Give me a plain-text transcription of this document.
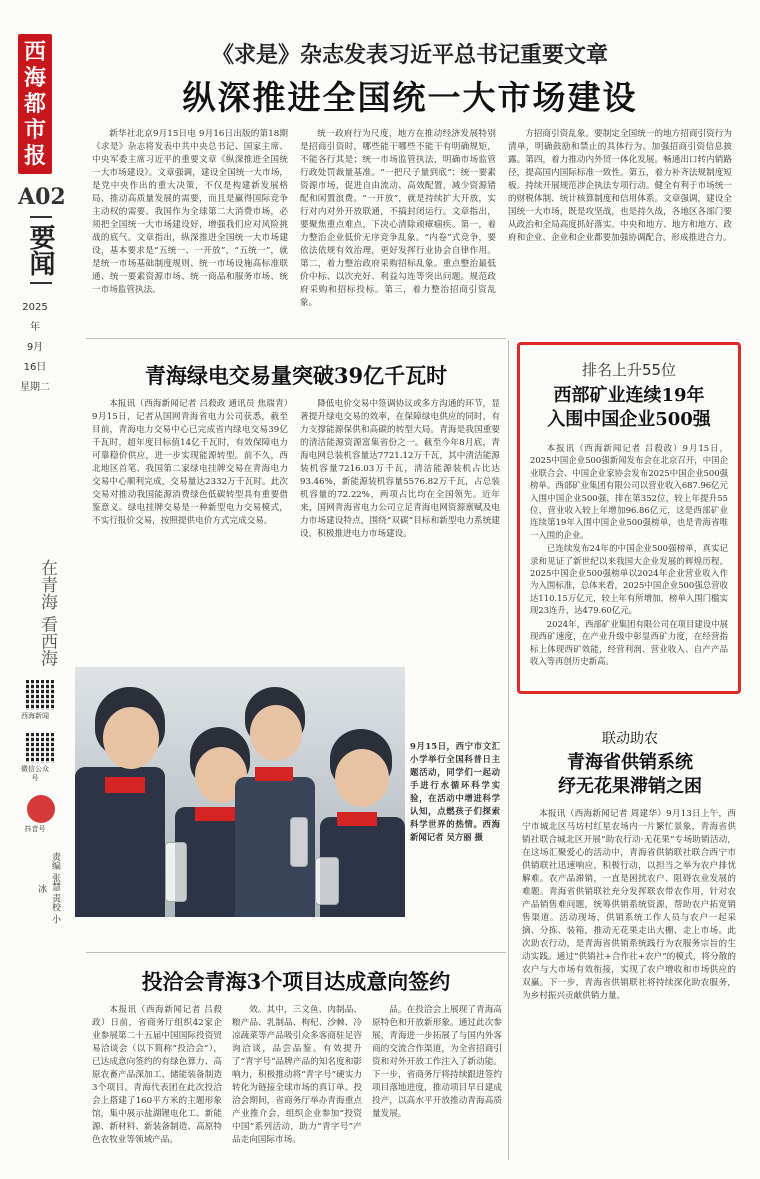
西
海
都
市
报
A02
要闻
2025年
9月
16日
星期二
在青海 看西海
西海新闻
微信公众号
抖音号
责编 张慧 责校 小冰
《求是》杂志发表习近平总书记重要文章
纵深推进全国统一大市场建设

新华社北京9月15日电 9月16日出版的第18期《求是》杂志将发表中共中央总书记、国家主席、中央军委主席习近平的重要文章《纵深推进全国统一大市场建设》。文章强调，建设全国统一大市场，是党中央作出的重大决策，不仅是构建新发展格局、推动高质量发展的需要，而且是赢得国际竞争主动权的需要。我国作为全球第二大消费市场，必须把全国统一大市场建设好，增强我们应对风险挑战的底气。文章指出，纵深推进全国统一大市场建设，基本要求是“五统一、一开放”，“五统一”，就是统一市场基础制度规则、统一市场设施高标准联通、统一要素资源市场、统一商品和服务市场、统一市场监管执法。

统一政府行为尺度，地方在推动经济发展特别是招商引资时，哪些能干哪些不能干有明确规矩，不能各行其是；统一市场监管执法，明确市场监管行政处罚裁量基准。“一把尺子量到底”；统一要素资源市场，促进自由流动、高效配置，减少资源错配和闲置浪费。“一开放”，就是持续扩大开放，实行对内对外开放联通，不搞封闭运行。文章指出，要聚焦重点难点，下决心清除顽瘴痼疾。第一，着力整治企业低价无序竞争乱象。“内卷”式竞争，要依法依规有效治理，更好发挥行业协会自律作用。第二，着力整治政府采购招标乱象。重点整治最低价中标、以次充好、利益勾连等突出问题。规范政府采购和招标投标。第三，着力整治招商引资乱象。

方招商引资乱象。要制定全国统一的地方招商引资行为清单，明确鼓励和禁止的具体行为。加强招商引资信息披露。第四，着力推动内外贸一体化发展。畅通出口转内销路径，提高国内国际标准一致性。第五，着力补齐法规制度短板。持续开展规范涉企执法专项行动。健全有利于市场统一的财税体制、统计核算制度和信用体系。文章强调，建设全国统一大市场，既是攻坚战，也是持久战，各地区各部门要从政治和全局高度抓好落实。中央和地方、地方和地方、政府和企业、企业和企业都要加强协调配合，形成推进合力。

青海绿电交易量突破39亿千瓦时

本报讯（西海新闻记者 吕殺政 通讯员 焦瑞青）9月15日，记者从国网青海省电力公司获悉，截至目前，青海电力交易中心已完成省内绿电交易39亿千瓦时，超年度目标值14亿千瓦时，有效保障电力可靠稳价供应，进一步实现能源转型。前不久，西北地区首笔、我国第二家绿电挂牌交易在青海电力交易中心顺利完成，交易量达2332万千瓦时。此次交易对推动我国能源消费绿色低碳转型具有重要借鉴意义。绿电挂牌交易是一种新型电力交易模式，不实行报价交易，按照提供电价方式完成交易。

降低电价交易中签调协议或多方沟通的环节，显著提升绿电交易的效率，在保障绿电供应的同时，有力支撑能源保供和高碳的转型大局。青海是我国重要的清洁能源资源富集省份之一。截至今年8月底，青海电网总装机容量达7721.12万千瓦，其中清洁能源装机容量7216.03万千瓦，清洁能源装机占比达93.46%，新能源装机容量5576.82万千瓦，占总装机容量的72.22%，两项占比均在全国领先。近年来，国网青海省电力公司立足青海电网资源禀赋及电力市场建设特点，围绕“双碳”目标和新型电力系统建设，积极推进电力市场建设。

排名上升55位
西部矿业连续19年
入围中国企业500强

本报讯（西海新闻记者 吕殺政）9月15日，2025中国企业500强新闻发布会在北京召开，中国企业联合会、中国企业家协会发布2025中国企业500强榜单。西部矿业集团有限公司以营业收入687.96亿元入围中国企业500强，排在第352位，较上年提升55位，营业收入较上年增加96.86亿元，这是西部矿业连续第19年入围中国企业500强榜单，也是青海省唯一入围的企业。

已连续发布24年的中国企业500强榜单，真实记录和见证了新世纪以来我国大企业发展的辉煌历程。2025中国企业500强榜单以2024年企业营业收入作为入围标准，总体来看，2025中国企业500强总营收达110.15万亿元，较上年有所增加，榜单入围门槛实现23连升，达479.60亿元。

2024年，西部矿业集团有限公司在项目建设中展现西矿速度，在产业升级中彰显西矿力度，在经营指标上体现西矿效能，经营利润、营业收入、自产产品收入等再创历史新高。

9月15日，西宁市文汇小学举行全国科普日主题活动，同学们一起动手进行水循环科学实验，在活动中增进科学认知，点燃孩子们探索科学世界的热情。西海新闻记者 吴方丽 摄
联动助农
青海省供销系统
纾无花果滞销之困

本报讯（西海新闻记者 周建华）9月13日上午，西宁市城北区马坊村红星农场内一片繁忙景象，青海省供销社联合城北区开展“助农行动·无花果”专场助销活动，在这场汇聚爱心的活动中，青海省供销联社联合西宁市供销联社迅速响应，积极行动，以担当之举为农户排忧解难。农产品滞销，一直是困扰农户、阻碍农业发展的难题。青海省供销联社充分发挥联农带农作用，针对农产品销售难问题，统筹供销系统资源，帮助农户拓宽销售渠道。活动现场，供销系统工作人员与农户一起采摘、分拣、装箱，推动无花果走出大棚、走上市场。此次助农行动，是青海省供销系统践行为农服务宗旨的生动实践。通过“供销社+合作社+农户”的模式，将分散的农户与大市场有效衔接，实现了农户增收和市场供应的双赢。下一步，青海省供销联社将持续深化助农服务，为乡村振兴贡献供销力量。

投洽会青海3个项目达成意向签约

本报讯（西海新闻记者 吕殺政）日前，省商务厅组织42家企业参展第二十五届中国国际投资贸易洽谈会（以下简称“投洽会”），已达成意向签约的有绿色算力、高原农畜产品深加工、储能装备制造3个项目。青海代表团在此次投洽会上搭建了160平方米的主题形象馆，集中展示盐湖锂电化工、新能源、新材料、新装备制造、高原特色农牧业等领域产品。

效。其中，三文鱼、肉制品、粮产品、乳制品、枸杞、沙棘、冷凉蔬菜等产品吸引众多客商驻足咨询洽谈，品尝品鉴。有效提升了“青字号”品牌产品的知名度和影响力，积极推动将“青字号”硬实力转化为链接全球市场的真订单。投洽会期间，省商务厅举办青海重点产业推介会，组织企业参加“投资中国”系列活动，助力“青字号”产品走向国际市场。

品。在投洽会上展现了青海高原特色和开放新形象。通过此次参展，青海进一步拓展了与国内外客商的交流合作渠道，为全省招商引资和对外开放工作注入了新动能。下一步，省商务厅将持续跟进签约项目落地进度，推动项目早日建成投产，以高水平开放推动青海高质量发展。
